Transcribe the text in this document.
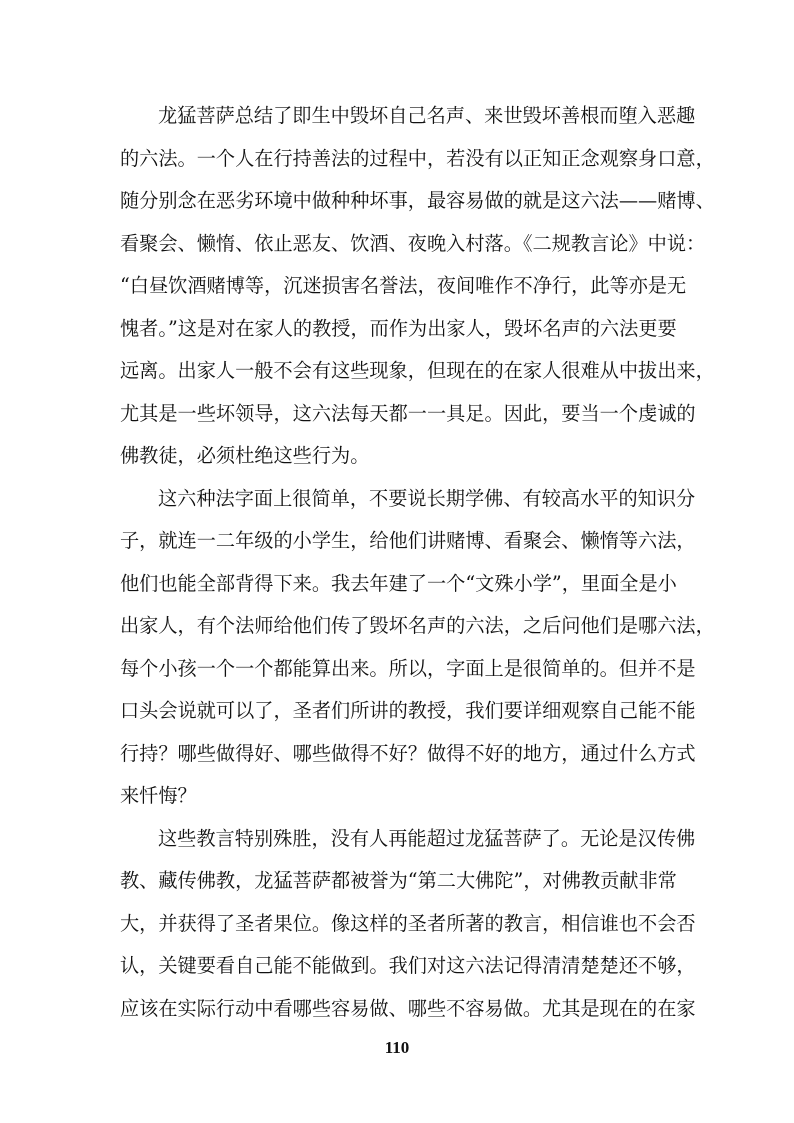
龙猛菩萨总结了即生中毁坏自己名声、来世毁坏善根而堕入恶趣
的六法。一个人在行持善法的过程中，若没有以正知正念观察身口意，
随分别念在恶劣环境中做种种坏事，最容易做的就是这六法——赌博、
看聚会、懒惰、依止恶友、饮酒、夜晚入村落。《二规教言论》中说：
“白昼饮酒赌博等，沉迷损害名誉法，夜间唯作不净行，此等亦是无
愧者。”这是对在家人的教授，而作为出家人，毁坏名声的六法更要
远离。出家人一般不会有这些现象，但现在的在家人很难从中拔出来，
尤其是一些坏领导，这六法每天都一一具足。因此，要当一个虔诚的
佛教徒，必须杜绝这些行为。
这六种法字面上很简单，不要说长期学佛、有较高水平的知识分
子，就连一二年级的小学生，给他们讲赌博、看聚会、懒惰等六法，
他们也能全部背得下来。我去年建了一个“文殊小学”，里面全是小
出家人，有个法师给他们传了毁坏名声的六法，之后问他们是哪六法，
每个小孩一个一个都能算出来。所以，字面上是很简单的。但并不是
口头会说就可以了，圣者们所讲的教授，我们要详细观察自己能不能
行持？哪些做得好、哪些做得不好？做得不好的地方，通过什么方式
来忏悔？
这些教言特别殊胜，没有人再能超过龙猛菩萨了。无论是汉传佛
教、藏传佛教，龙猛菩萨都被誉为“第二大佛陀”，对佛教贡献非常
大，并获得了圣者果位。像这样的圣者所著的教言，相信谁也不会否
认，关键要看自己能不能做到。我们对这六法记得清清楚楚还不够，
应该在实际行动中看哪些容易做、哪些不容易做。尤其是现在的在家
110
